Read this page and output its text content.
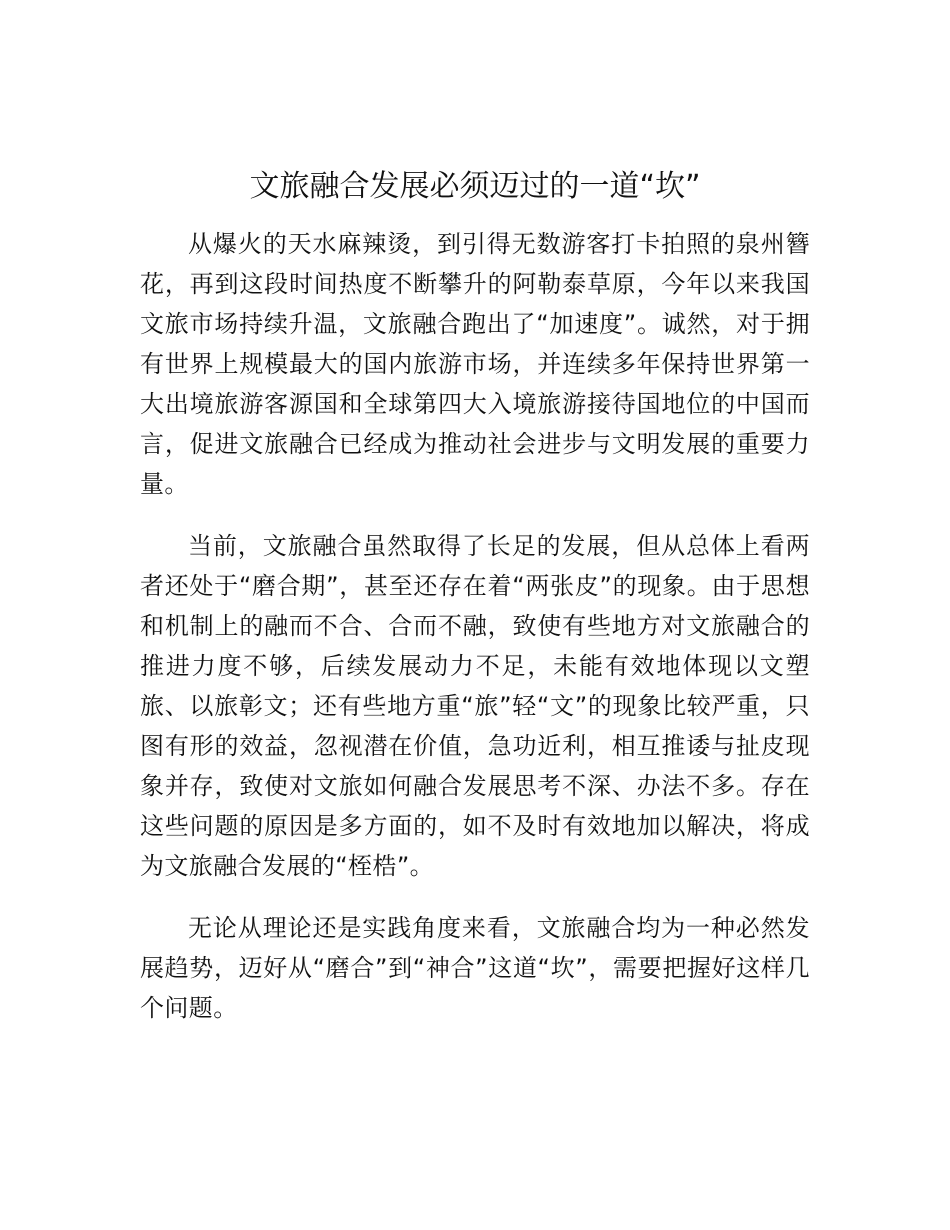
文旅融合发展必须迈过的一道“坎”

从爆火的天水麻辣烫，到引得无数游客打卡拍照的泉州簪花，再到这段时间热度不断攀升的阿勒泰草原，今年以来我国文旅市场持续升温，文旅融合跑出了“加速度”。诚然，对于拥有世界上规模最大的国内旅游市场，并连续多年保持世界第一大出境旅游客源国和全球第四大入境旅游接待国地位的中国而言，促进文旅融合已经成为推动社会进步与文明发展的重要力量。

当前，文旅融合虽然取得了长足的发展，但从总体上看两者还处于“磨合期”，甚至还存在着“两张皮”的现象。由于思想和机制上的融而不合、合而不融，致使有些地方对文旅融合的推进力度不够，后续发展动力不足，未能有效地体现以文塑旅、以旅彰文；还有些地方重“旅”轻“文”的现象比较严重，只图有形的效益，忽视潜在价值，急功近利，相互推诿与扯皮现象并存，致使对文旅如何融合发展思考不深、办法不多。存在这些问题的原因是多方面的，如不及时有效地加以解决，将成为文旅融合发展的“桎梏”。

无论从理论还是实践角度来看，文旅融合均为一种必然发展趋势，迈好从“磨合”到“神合”这道“坎”，需要把握好这样几个问题。
